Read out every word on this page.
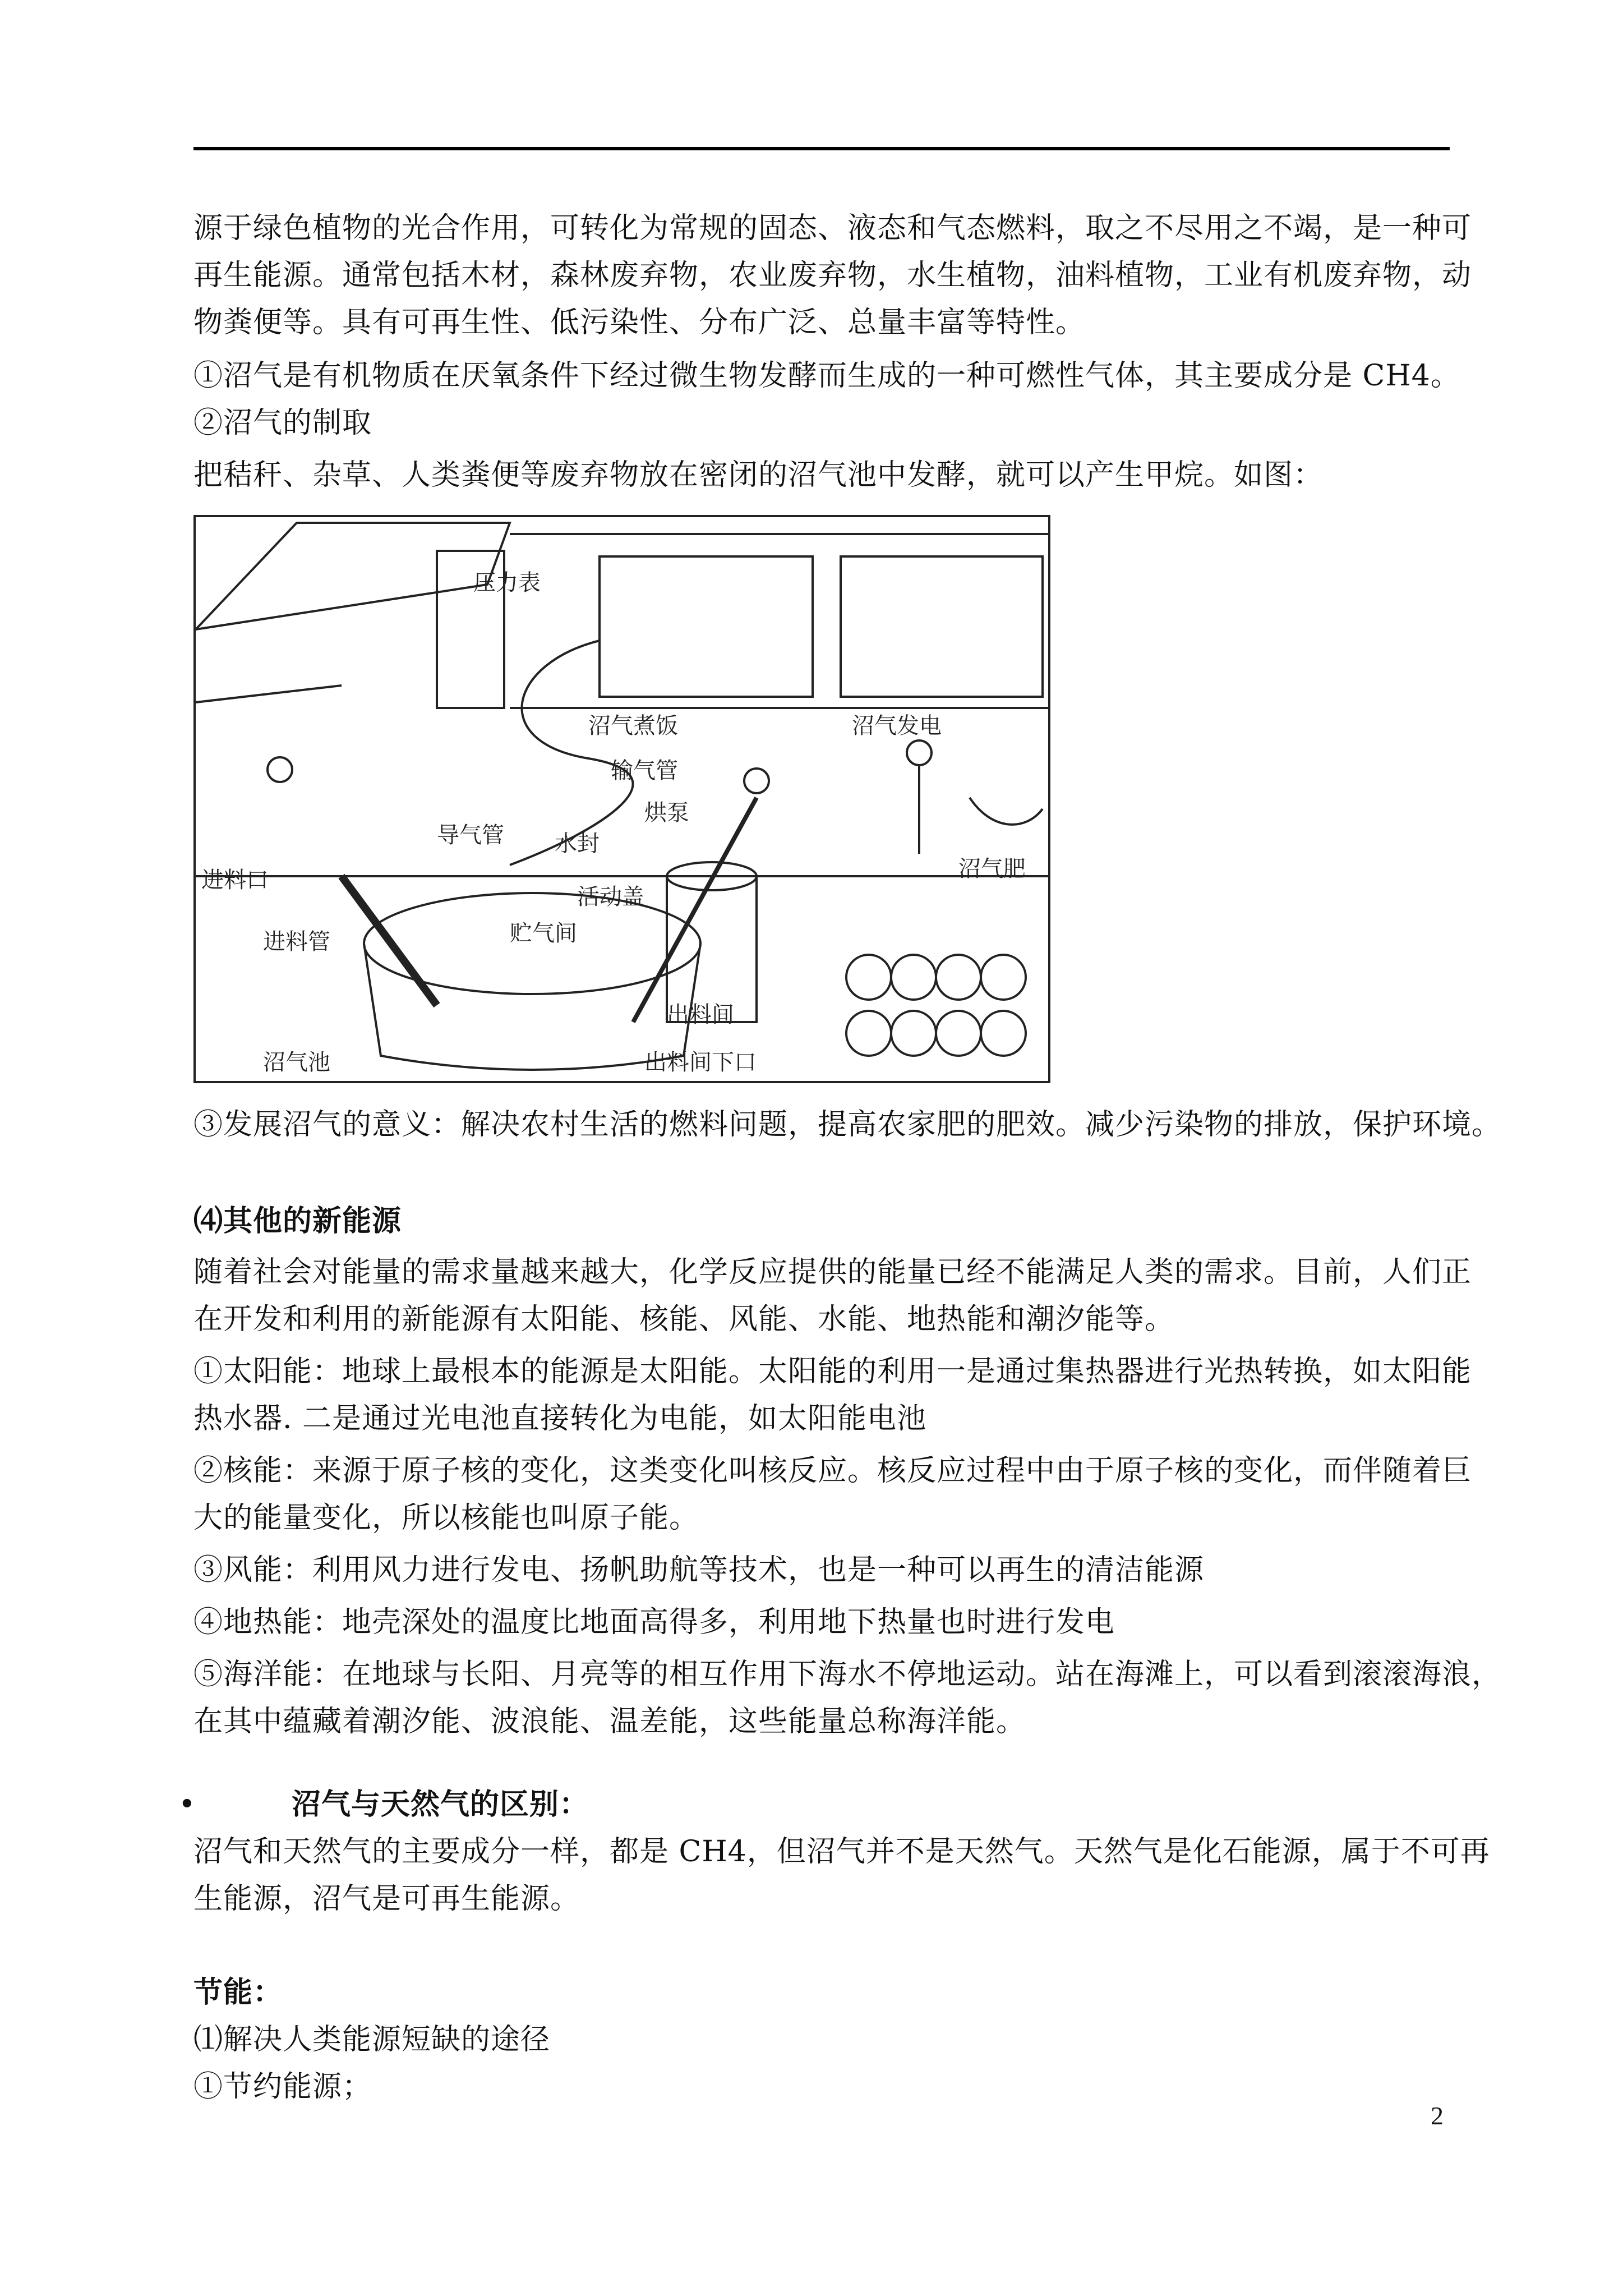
源于绿色植物的光合作用，可转化为常规的固态、液态和气态燃料，取之不尽用之不竭，是一种可
再生能源。通常包括木材，森林废弃物，农业废弃物，水生植物，油料植物，工业有机废弃物，动
物粪便等。具有可再生性、低污染性、分布广泛、总量丰富等特性。
①沼气是有机物质在厌氧条件下经过微生物发酵而生成的一种可燃性气体，其主要成分是 CH4。
②沼气的制取
把秸秆、杂草、人类粪便等废弃物放在密闭的沼气池中发酵，就可以产生甲烷。如图：
压力表
沼气煮饭	沼气发电
输气管
导气管 水封
烘泵
进料口
活动盖
进料管	贮气间
出料间
出料间下口
沼气池
沼气肥
③发展沼气的意义：解决农村生活的燃料问题，提高农家肥的肥效。减少污染物的排放，保护环境。
⑷其他的新能源
随着社会对能量的需求量越来越大，化学反应提供的能量已经不能满足人类的需求。目前，人们正
在开发和利用的新能源有太阳能、核能、风能、水能、地热能和潮汐能等。
①太阳能：地球上最根本的能源是太阳能。太阳能的利用一是通过集热器进行光热转换，如太阳能
热水器. 二是通过光电池直接转化为电能，如太阳能电池
②核能：来源于原子核的变化，这类变化叫核反应。核反应过程中由于原子核的变化，而伴随着巨
大的能量变化，所以核能也叫原子能。
③风能：利用风力进行发电、扬帆助航等技术，也是一种可以再生的清洁能源
④地热能：地壳深处的温度比地面高得多，利用地下热量也时进行发电
⑤海洋能：在地球与长阳、月亮等的相互作用下海水不停地运动。站在海滩上，可以看到滚滚海浪，
在其中蕴藏着潮汐能、波浪能、温差能，这些能量总称海洋能。
•	沼气与天然气的区别：
沼气和天然气的主要成分一样，都是 CH4，但沼气并不是天然气。天然气是化石能源，属于不可再
生能源，沼气是可再生能源。
节能：
⑴解决人类能源短缺的途径
①节约能源；
2
